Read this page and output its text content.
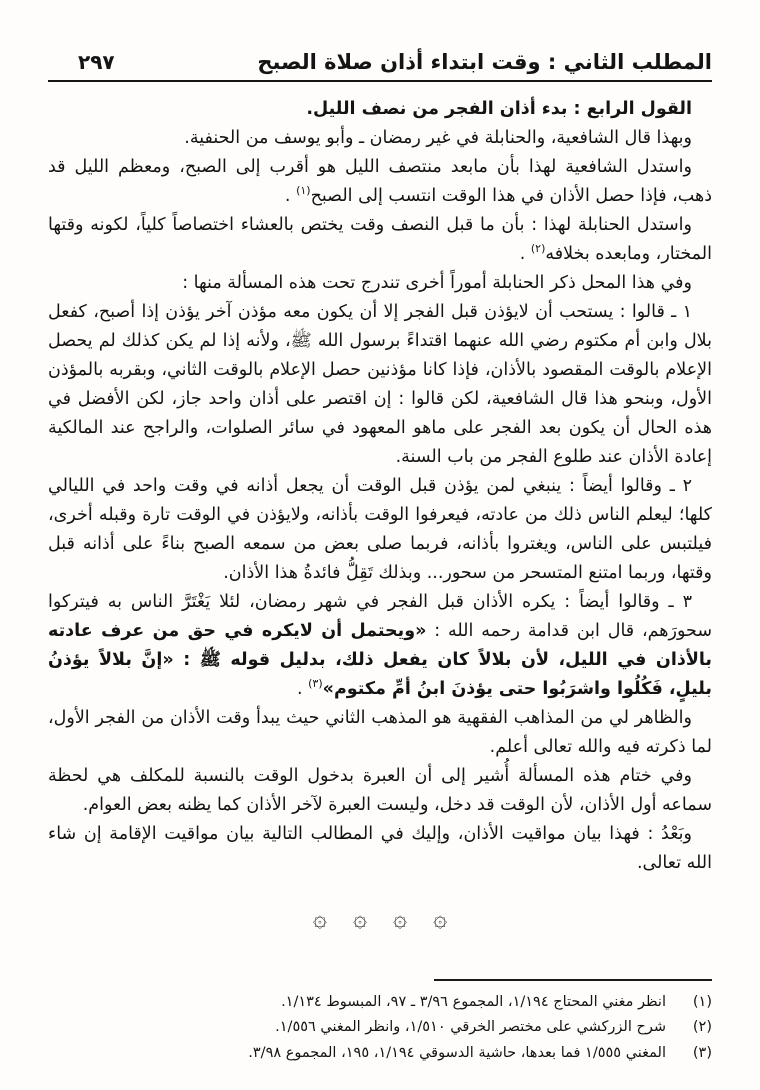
المطلب الثاني : وقت ابتداء أذان صلاة الصبح
٢٩٧

القول الرابع : بدء أذان الفجر من نصف الليل.

وبهذا قال الشافعية، والحنابلة في غير رمضان ـ وأبو يوسف من الحنفية.

واستدل الشافعية لهذا بأن مابعد منتصف الليل هو أقرب إلى الصبح، ومعظم الليل قد ذهب، فإذا حصل الأذان في هذا الوقت انتسب إلى الصبح$^{(١)}$ .

واستدل الحنابلة لهذا : بأن ما قبل النصف وقت يختص بالعشاء اختصاصاً كلياً، لكونه وقتها المختار، ومابعده بخلافه$^{(٢)}$ .

وفي هذا المحل ذكر الحنابلة أموراً أخرى تندرج تحت هذه المسألة منها :

١ ـ قالوا : يستحب أن لايؤذن قبل الفجر إلا أن يكون معه مؤذن آخر يؤذن إذا أصبح، كفعل بلال وابن أم مكتوم رضي الله عنهما اقتداءً برسول الله ﷺ، ولأنه إذا لم يكن كذلك لم يحصل الإعلام بالوقت المقصود بالأذان، فإذا كانا مؤذنين حصل الإعلام بالوقت الثاني، وبقربه بالمؤذن الأول، وبنحو هذا قال الشافعية، لكن قالوا : إن اقتصر على أذان واحد جاز، لكن الأفضل في هذه الحال أن يكون بعد الفجر على ماهو المعهود في سائر الصلوات، والراجح عند المالكية إعادة الأذان عند طلوع الفجر من باب السنة.

٢ ـ وقالوا أيضاً : ينبغي لمن يؤذن قبل الوقت أن يجعل أذانه في وقت واحد في الليالي كلها؛ ليعلم الناس ذلك من عادته، فيعرفوا الوقت بأذانه، ولايؤذن في الوقت تارة وقبله أخرى، فيلتبس على الناس، ويغتروا بأذانه، فربما صلى بعض من سمعه الصبح بناءً على أذانه قبل وقتها، وربما امتنع المتسحر من سحور... وبذلك تَقِلُّ فائدةُ هذا الأذان.

٣ ـ وقالوا أيضاً : يكره الأذان قبل الفجر في شهر رمضان، لئلا يَغْتَرَّ الناس به فيتركوا سحورَهم، قال ابن قدامة رحمه الله : «ويحتمل أن لايكره في حق من عرف عادته بالأذان في الليل، لأن بلالاً كان يفعل ذلك، بدليل قوله ﷺ : «إنَّ بلالاً يؤذنُ بليلٍ، فَكُلُوا واشرَبُوا حتى يؤذنَ ابنُ أمِّ مكتوم»$^{(٣)}$ .

والظاهر لي من المذاهب الفقهية هو المذهب الثاني حيث يبدأ وقت الأذان من الفجر الأول، لما ذكرته فيه والله تعالى أعلم.

وفي ختام هذه المسألة أُشير إلى أن العبرة بدخول الوقت بالنسبة للمكلف هي لحظة سماعه أول الأذان، لأن الوقت قد دخل، وليست العبرة لآخر الأذان كما يظنه بعض العوام.

وبَعْدُ : فهذا بيان مواقيت الأذان، وإليك في المطالب التالية بيان مواقيت الإقامة إن شاء الله تعالى.

۞
۞
۞
۞
(١)
انظر مغني المحتاج ١/١٩٤، المجموع ٣/٩٦ ـ ٩٧، المبسوط ١/١٣٤.
(٢)
شرح الزركشي على مختصر الخرقي ١/٥١٠، وانظر المغني ١/٥٥٦.
(٣)
المغني ١/٥٥٥ فما بعدها، حاشية الدسوقي ١/١٩٤، ١٩٥، المجموع ٣/٩٨.
